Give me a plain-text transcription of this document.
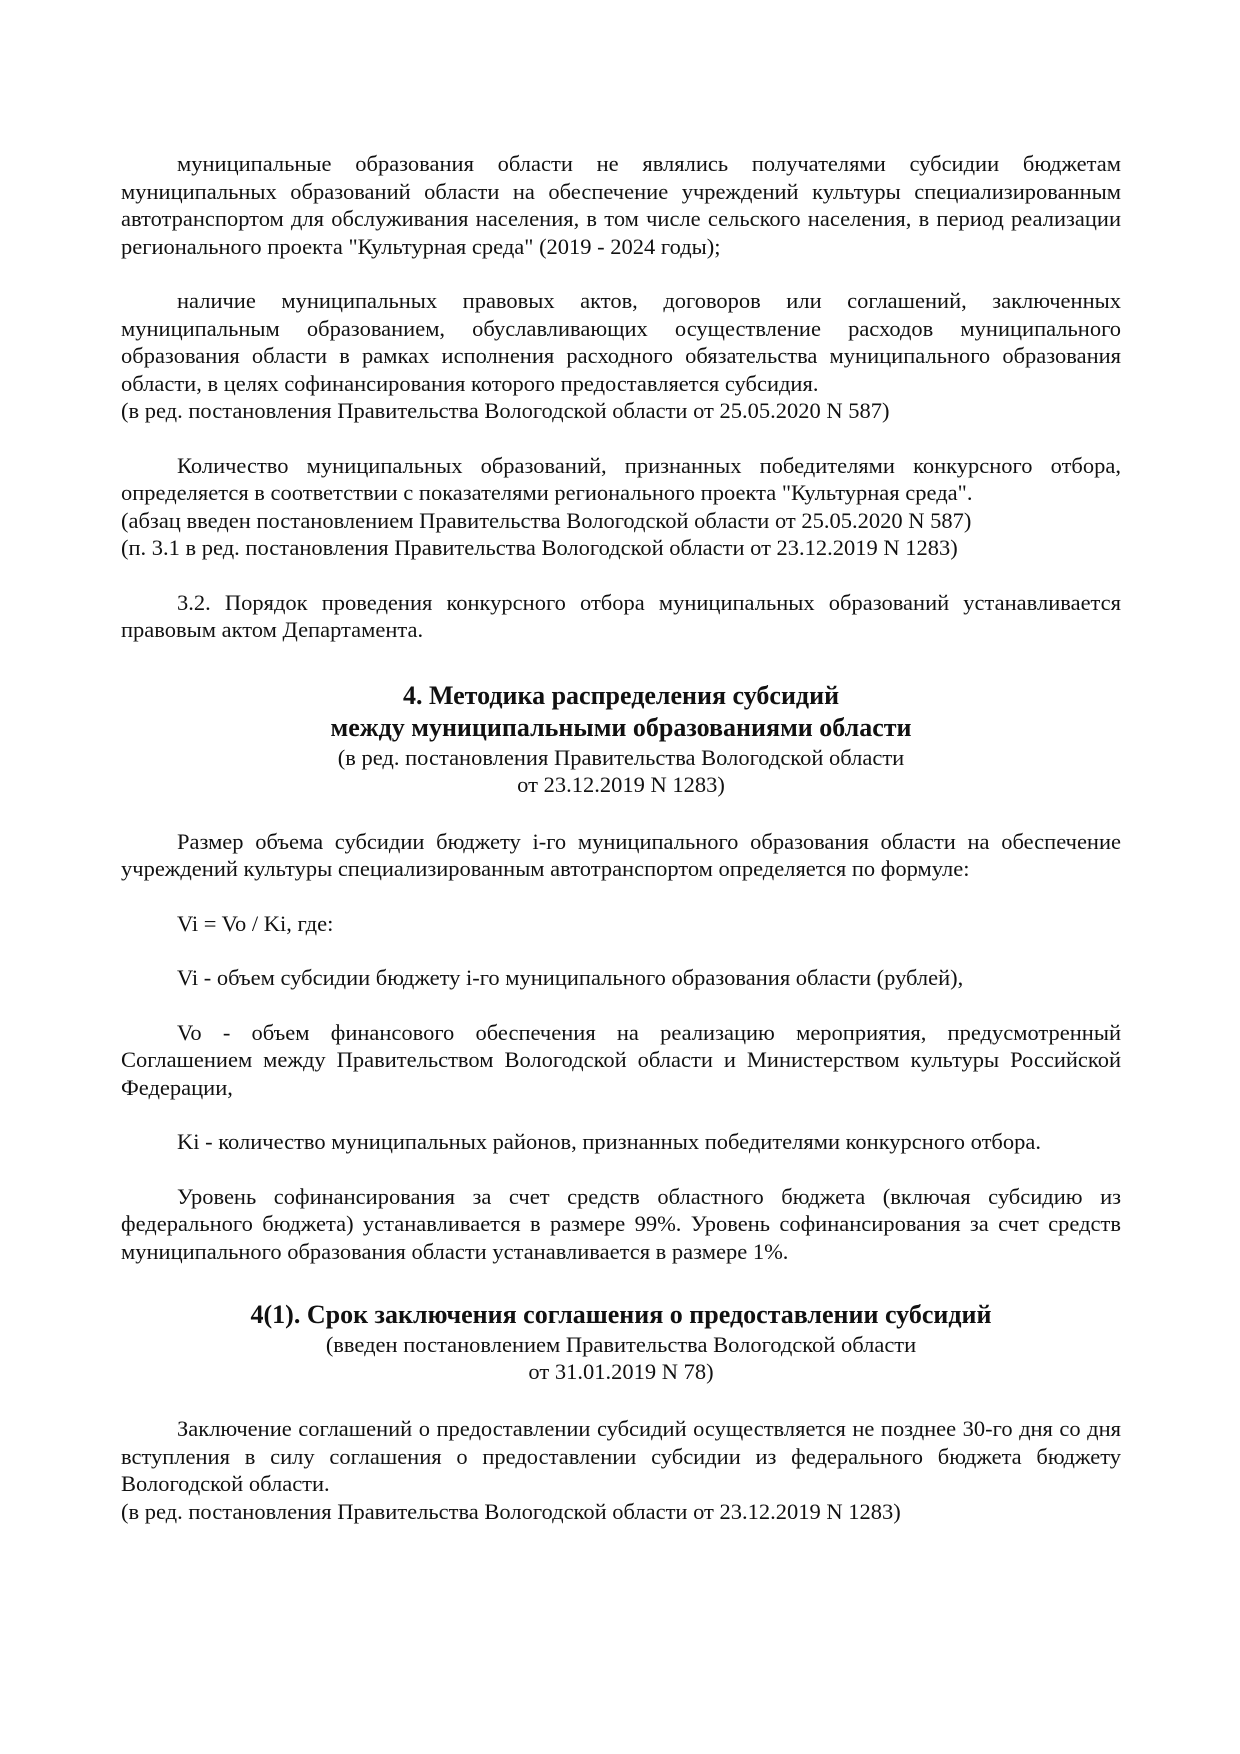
муниципальные образования области не являлись получателями субсидии бюджетам муниципальных образований области на обеспечение учреждений культуры специализированным автотранспортом для обслуживания населения, в том числе сельского населения, в период реализации регионального проекта "Культурная среда" (2019 - 2024 годы);

наличие муниципальных правовых актов, договоров или соглашений, заключенных муниципальным образованием, обуславливающих осуществление расходов муниципального образования области в рамках исполнения расходного обязательства муниципального образования области, в целях софинансирования которого предоставляется субсидия.

(в ред. постановления Правительства Вологодской области от 25.05.2020 N 587)

Количество муниципальных образований, признанных победителями конкурсного отбора, определяется в соответствии с показателями регионального проекта "Культурная среда".

(абзац введен постановлением Правительства Вологодской области от 25.05.2020 N 587)

(п. 3.1 в ред. постановления Правительства Вологодской области от 23.12.2019 N 1283)

3.2. Порядок проведения конкурсного отбора муниципальных образований устанавливается правовым актом Департамента.

4. Методика распределения субсидий

между муниципальными образованиями области

(в ред. постановления Правительства Вологодской области

от 23.12.2019 N 1283)

Размер объема субсидии бюджету i-го муниципального образования области на обеспечение учреждений культуры специализированным автотранспортом определяется по формуле:

Vi = Vo / Ki, где:

Vi - объем субсидии бюджету i-го муниципального образования области (рублей),

Vo - объем финансового обеспечения на реализацию мероприятия, предусмотренный Соглашением между Правительством Вологодской области и Министерством культуры Российской Федерации,

Ki - количество муниципальных районов, признанных победителями конкурсного отбора.

Уровень софинансирования за счет средств областного бюджета (включая субсидию из федерального бюджета) устанавливается в размере 99%. Уровень софинансирования за счет средств муниципального образования области устанавливается в размере 1%.

4(1). Срок заключения соглашения о предоставлении субсидий

(введен постановлением Правительства Вологодской области

от 31.01.2019 N 78)

Заключение соглашений о предоставлении субсидий осуществляется не позднее 30-го дня со дня вступления в силу соглашения о предоставлении субсидии из федерального бюджета бюджету Вологодской области.

(в ред. постановления Правительства Вологодской области от 23.12.2019 N 1283)
